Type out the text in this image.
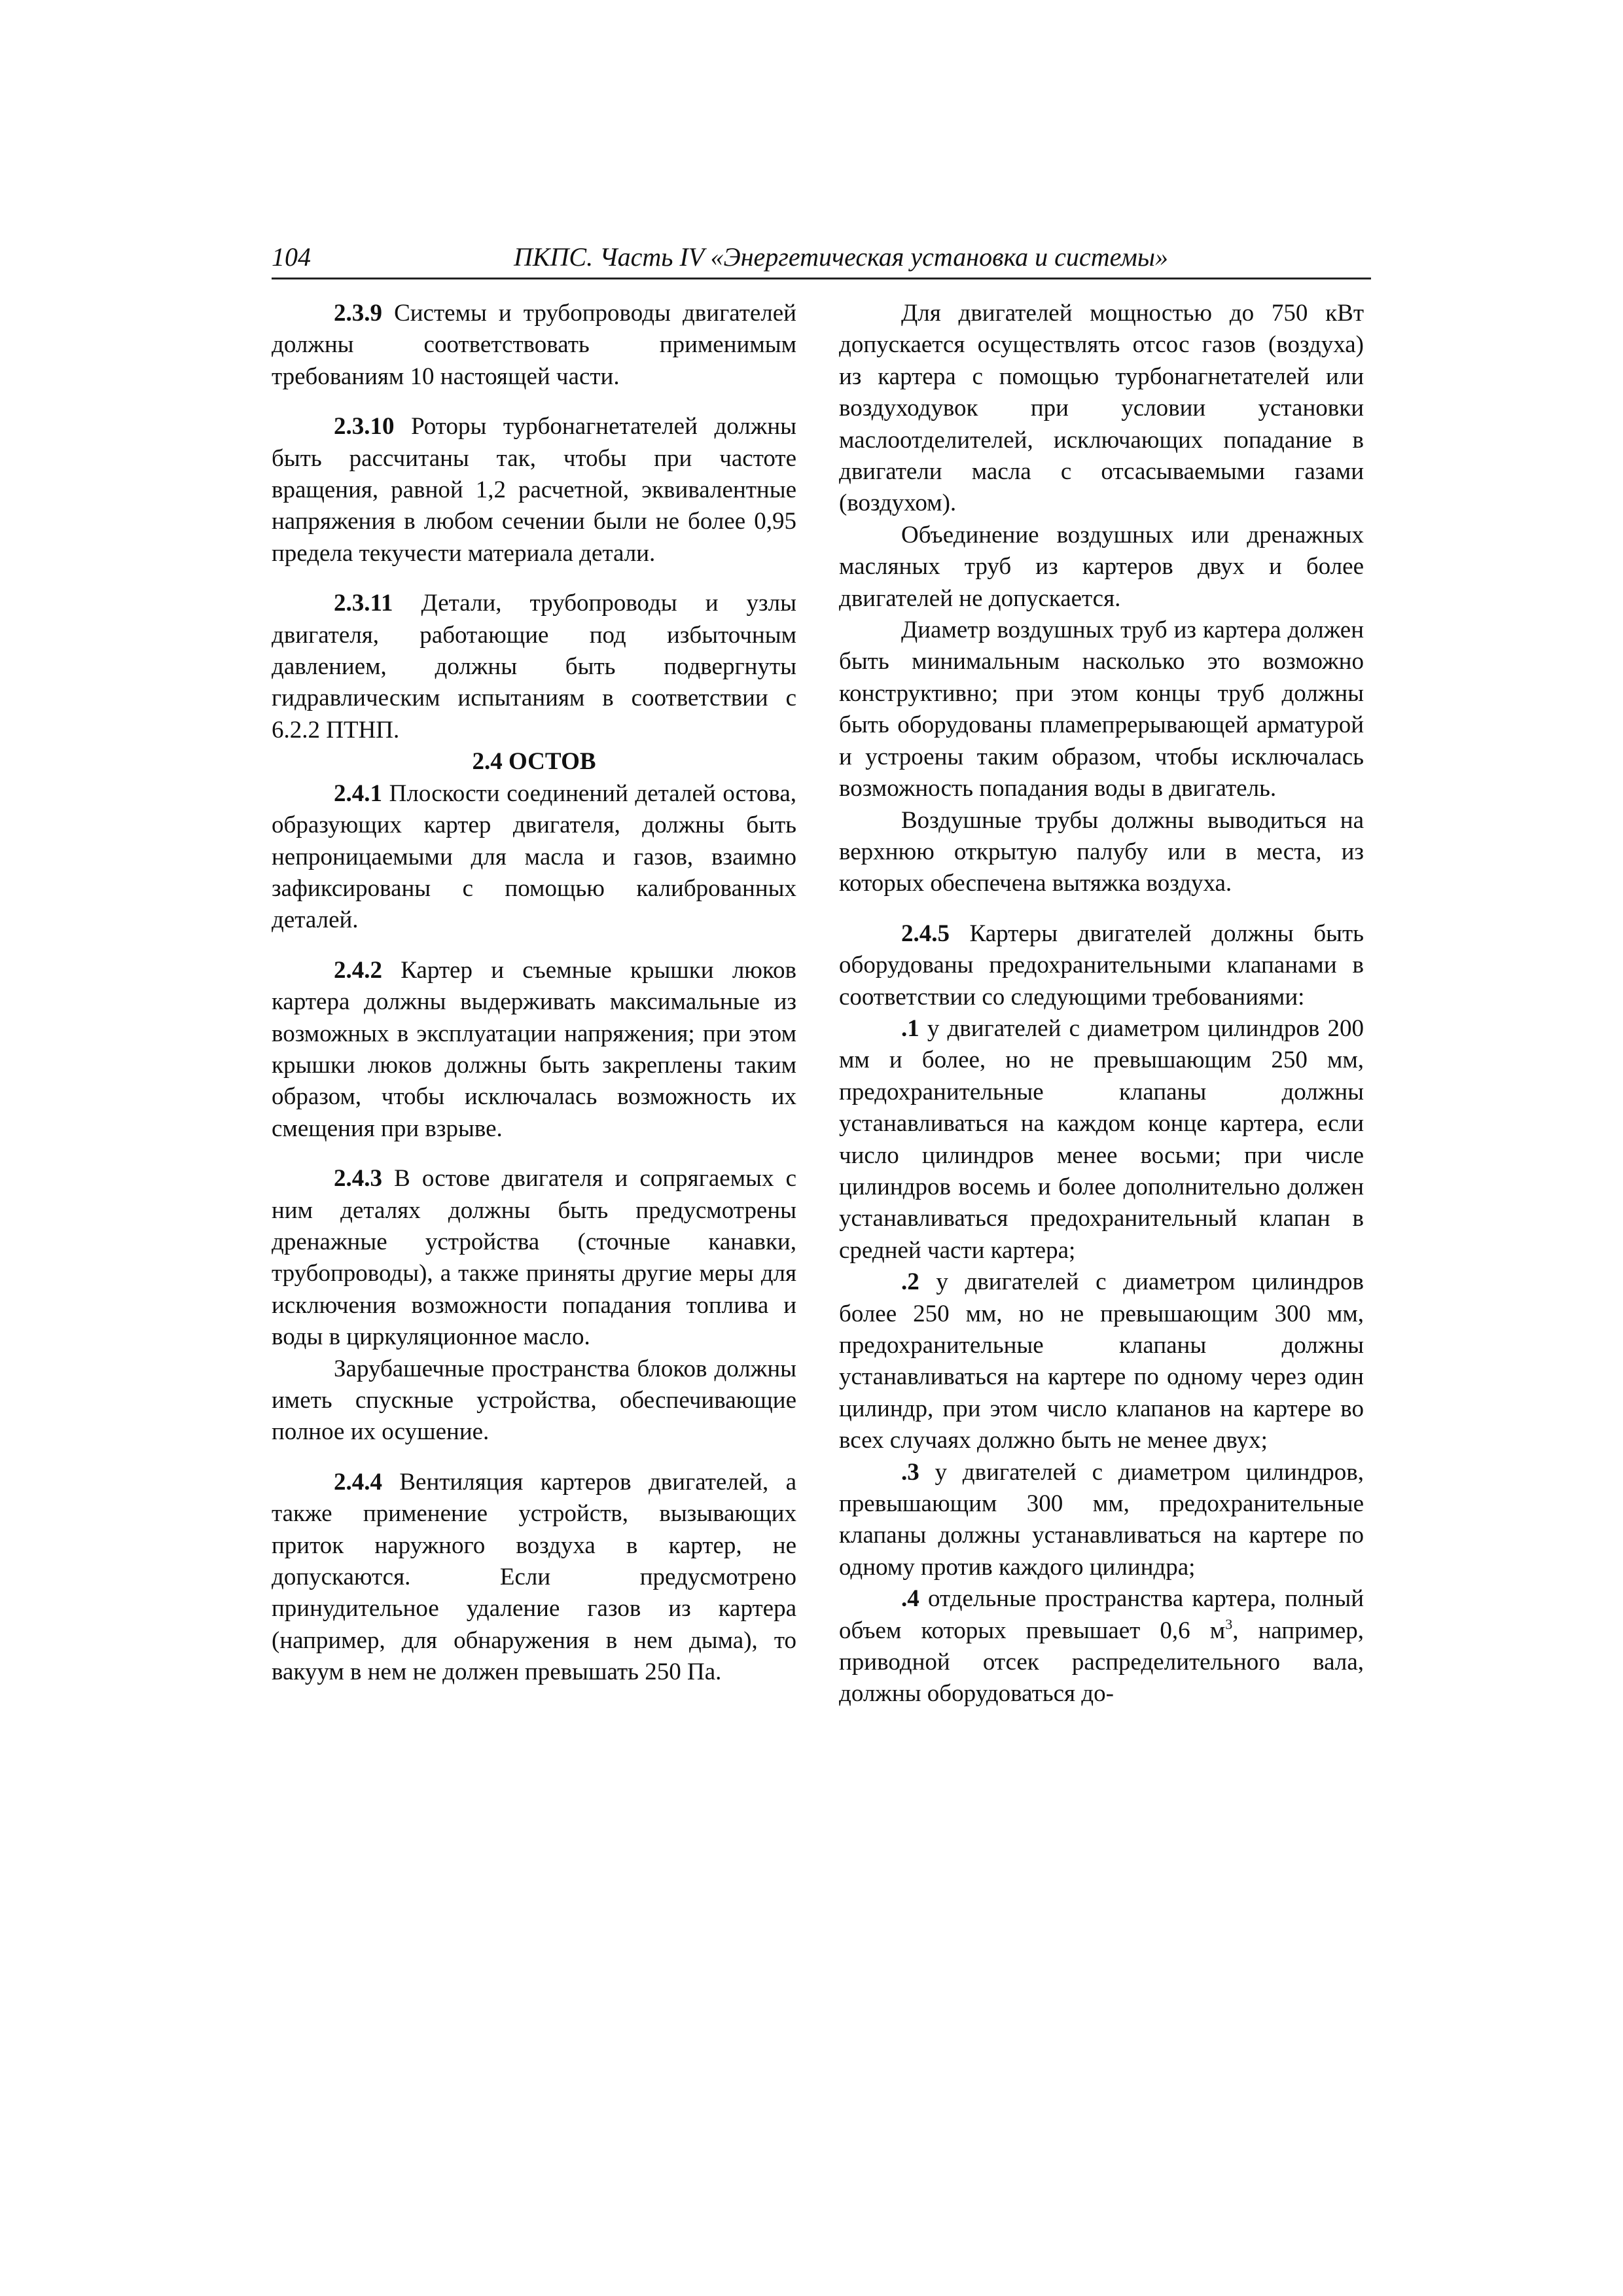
104	ПКПС. Часть IV «Энергетическая установка и системы»

2.3.9 Системы и трубопроводы двигателей должны соответствовать применимым требованиям 10 настоящей части.

2.3.10 Роторы турбонагнетателей должны быть рассчитаны так, чтобы при частоте вращения, равной 1,2 расчетной, эквивалентные напряжения в любом сечении были не более 0,95 предела текучести материала детали.

2.3.11 Детали, трубопроводы и узлы двигателя, работающие под избыточным давлением, должны быть подвергнуты гидравлическим испытаниям в соответствии с 6.2.2 ПТНП.

2.4 ОСТОВ

2.4.1 Плоскости соединений деталей остова, образующих картер двигателя, должны быть непроницаемыми для масла и газов, взаимно зафиксированы с помощью калиброванных деталей.

2.4.2 Картер и съемные крышки люков картера должны выдерживать максимальные из возможных в эксплуатации напряжения; при этом крышки люков должны быть закреплены таким образом, чтобы исключалась возможность их смещения при взрыве.

2.4.3 В остове двигателя и сопрягаемых с ним деталях должны быть предусмотрены дренажные устройства (сточные канавки, трубопроводы), а также приняты другие меры для исключения возможности попадания топлива и воды в циркуляционное масло.

Зарубашечные пространства блоков должны иметь спускные устройства, обеспечивающие полное их осушение.

2.4.4 Вентиляция картеров двигателей, а также применение устройств, вызывающих приток наружного воздуха в картер, не допускаются. Если предусмотрено принудительное удаление газов из картера (например, для обнаружения в нем дыма), то вакуум в нем не должен превышать 250 Па.

Для двигателей мощностью до 750 кВт допускается осуществлять отсос газов (воздуха) из картера с помощью турбонагнетателей или воздуходувок при условии установки маслоотделителей, исключающих попадание в двигатели масла с отсасываемыми газами (воздухом).

Объединение воздушных или дренажных масляных труб из картеров двух и более двигателей не допускается.

Диаметр воздушных труб из картера должен быть минимальным насколько это возможно конструктивно; при этом концы труб должны быть оборудованы пламепрерывающей арматурой и устроены таким образом, чтобы исключалась возможность попадания воды в двигатель.

Воздушные трубы должны выводиться на верхнюю открытую палубу или в места, из которых обеспечена вытяжка воздуха.

2.4.5 Картеры двигателей должны быть оборудованы предохранительными клапанами в соответствии со следующими требованиями:

.1 у двигателей с диаметром цилиндров 200 мм и более, но не превышающим 250 мм, предохранительные клапаны должны устанавливаться на каждом конце картера, если число цилиндров менее восьми; при числе цилиндров восемь и более дополнительно должен устанавливаться предохранительный клапан в средней части картера;

.2 у двигателей с диаметром цилиндров более 250 мм, но не превышающим 300 мм, предохранительные клапаны должны устанавливаться на картере по одному через один цилиндр, при этом число клапанов на картере во всех случаях должно быть не менее двух;

.3 у двигателей с диаметром цилиндров, превышающим 300 мм, предохранительные клапаны должны устанавливаться на картере по одному против каждого цилиндра;

.4 отдельные пространства картера, полный объем которых превышает 0,6 $м^3$, например, приводной отсек распределительного вала, должны оборудоваться до-
